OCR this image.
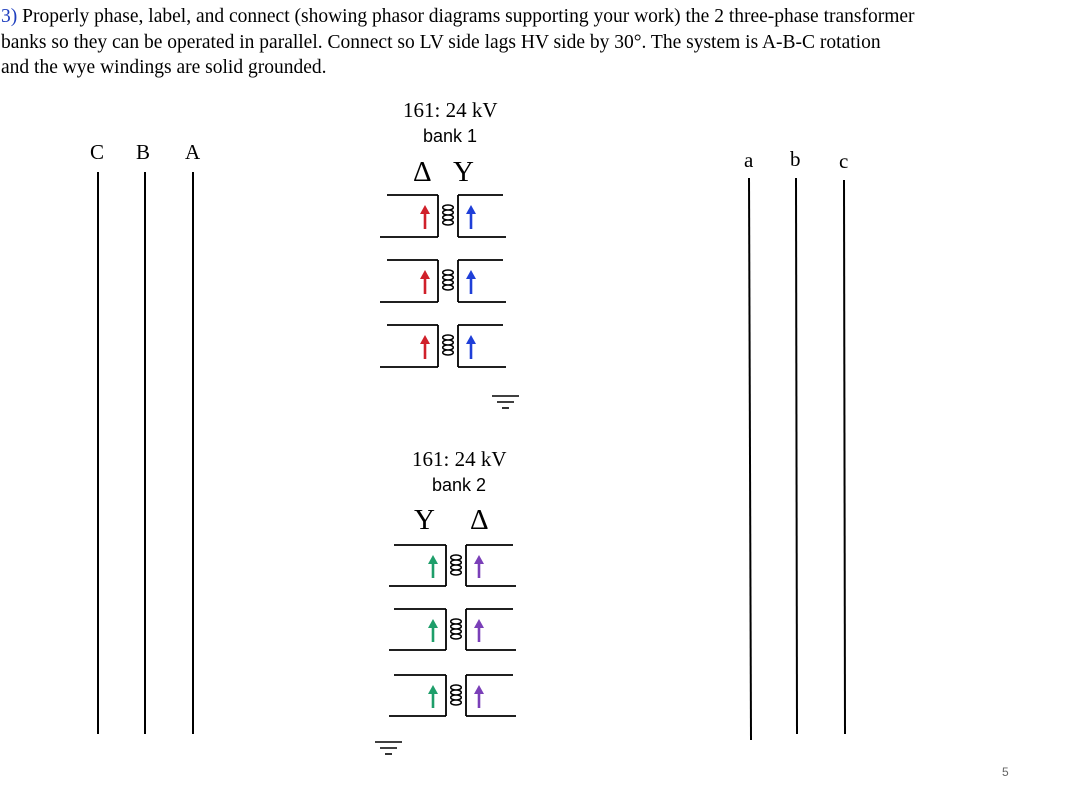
3) Properly phase, label, and connect (showing phasor diagrams supporting your work) the 2 three-phase transformer
banks so they can be operated in parallel. Connect so LV side lags HV side by 30°. The system is A-B-C rotation
and the wye windings are solid grounded.

C B A	a b c
161: 24 kV
bank 1
Δ Y
161: 24 kV
bank 2
Y Δ
5
